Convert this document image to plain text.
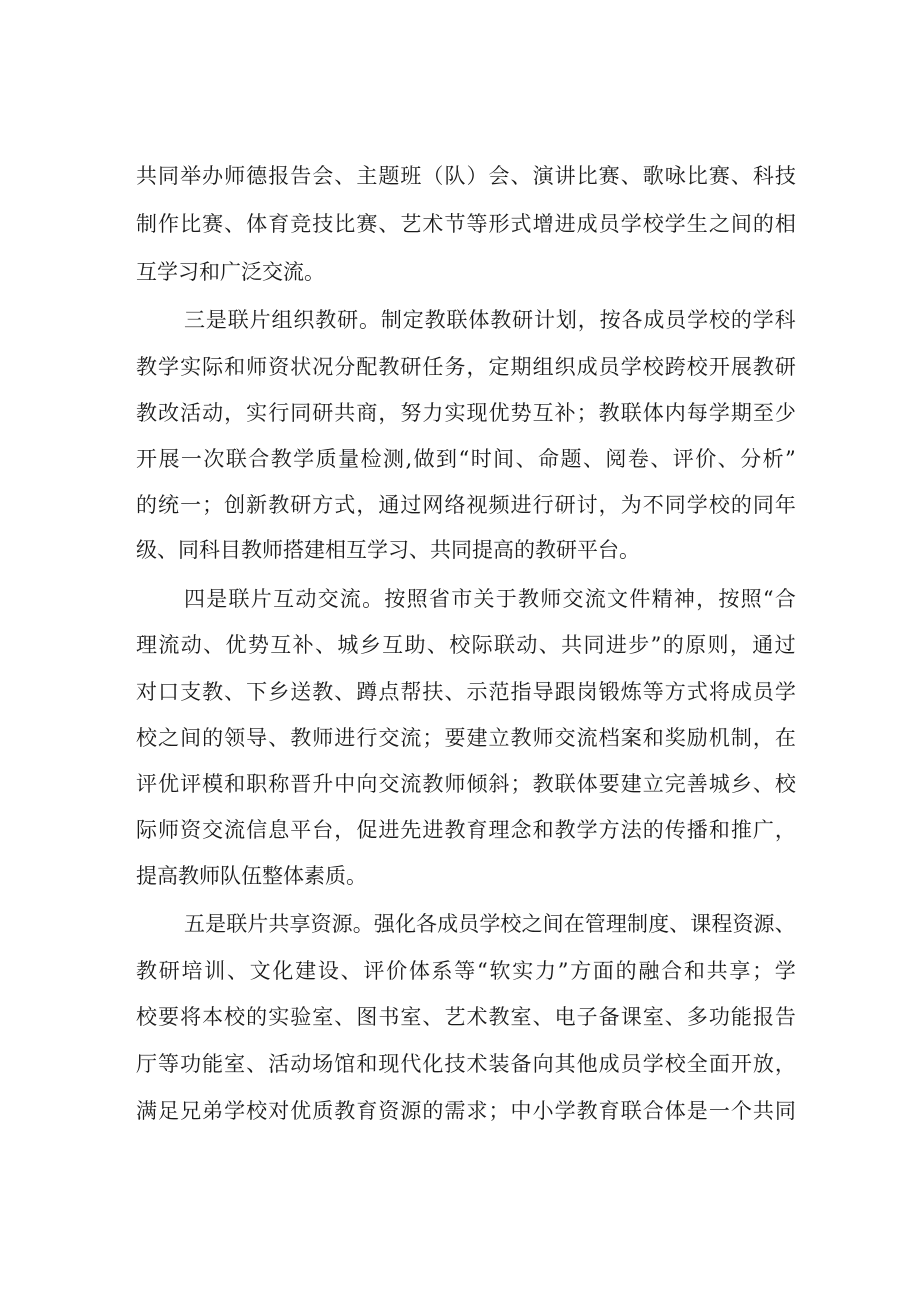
共 同 举 办 师 德 报 告 会 、 主 题 班 （ 队 ） 会 、 演 讲 比 赛 、 歌 咏 比 赛 、 科 技
制 作 比 赛 、 体 育 竞 技 比 赛 、 艺 术 节 等 形 式 增 进 成 员 学 校 学 生 之 间 的 相
互学习和广泛交流。
三 是 联 片 组 织 教 研 。 制 定 教 联 体 教 研 计 划 ， 按 各 成 员 学 校 的 学 科
教 学 实 际 和 师 资 状 况 分 配 教 研 任 务 ， 定 期 组 织 成 员 学 校 跨 校 开 展 教 研
教 改 活 动 ， 实 行 同 研 共 商 ， 努 力 实 现 优 势 互 补 ； 教 联 体 内 每 学 期 至 少
开 展 一 次 联 合 教 学 质 量 检 测 , 做 到 “ 时 间 、 命 题 、 阅 卷 、 评 价 、 分 析 ”
的 统 一 ； 创 新 教 研 方 式 ， 通 过 网 络 视 频 进 行 研 讨 ， 为 不 同 学 校 的 同 年
级、同科目教师搭建相互学习、共同提高的教研平台。
四 是 联 片 互 动 交 流 。 按 照 省 市 关 于 教 师 交 流 文 件 精 神 ， 按 照 “ 合
理 流 动 、 优 势 互 补 、 城 乡 互 助 、 校 际 联 动 、 共 同 进 步 ” 的 原 则 ， 通 过
对 口 支 教 、 下 乡 送 教 、 蹲 点 帮 扶 、 示 范 指 导 跟 岗 锻 炼 等 方 式 将 成 员 学
校 之 间 的 领 导 、 教 师 进 行 交 流 ； 要 建 立 教 师 交 流 档 案 和 奖 励 机 制 ， 在
评 优 评 模 和 职 称 晋 升 中 向 交 流 教 师 倾 斜 ； 教 联 体 要 建 立 完 善 城 乡 、 校
际 师 资 交 流 信 息 平 台 ， 促 进 先 进 教 育 理 念 和 教 学 方 法 的 传 播 和 推 广 ，
提高教师队伍整体素质。
五 是 联 片 共 享 资 源 。 强 化 各 成 员 学 校 之 间 在 管 理 制 度 、 课 程 资 源 、
教 研 培 训 、 文 化 建 设 、 评 价 体 系 等 “ 软 实 力 ” 方 面 的 融 合 和 共 享 ； 学
校 要 将 本 校 的 实 验 室 、 图 书 室 、 艺 术 教 室 、 电 子 备 课 室 、 多 功 能 报 告
厅 等 功 能 室 、 活 动 场 馆 和 现 代 化 技 术 装 备 向 其 他 成 员 学 校 全 面 开 放 ，
满 足 兄 弟 学 校 对 优 质 教 育 资 源 的 需 求 ； 中 小 学 教 育 联 合 体 是 一 个 共 同
